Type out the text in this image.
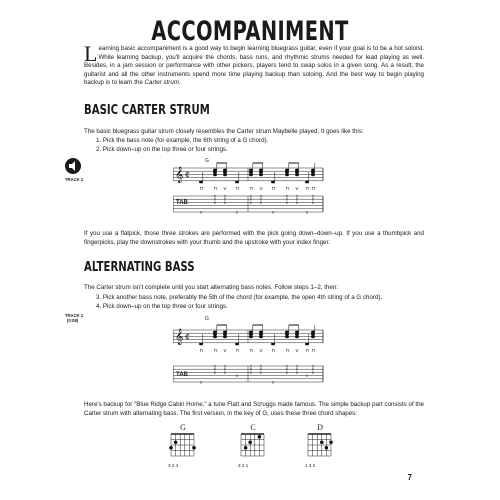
ACCOMPANIMENT
Learning basic accompaniment is a good way to begin learning bluegrass guitar, even if your goal is to be a hot soloist. While learning backup, you'll acquire the chords, bass runs, and rhythmic strums needed for lead playing as well. Besides, in a jam session or performance with other pickers, players tend to swap solos in a given song. As a result, the guitarist and all the other instruments spend more time playing backup than soloing. And the best way to begin playing backup is to learn the Carter strum.
BASIC CARTER STRUM
The basic bluegrass guitar strum closely resembles the Carter strum Maybelle played. It goes like this:
1. Pick the bass note (for example, the 6th string of a G chord).
2. Pick down–up on the top three or four strings.
TRACK 1	𝄞 ¢
⊓
3
⊓
0
0
0
V
0
0
0
⊓
3
⊓
0
0
0
V
0
0
0
⊓
3
⊓
0
0
0
V
0
0
0
⊓
3
⊓
0
0
0
G
TAB
If you use a flatpick, those three strokes are performed with the pick going down–down–up. If you use a thumbpick and fingerpicks, play the downstrokes with your thumb and the upstroke with your index finger.
ALTERNATING BASS
The Carter strum isn't complete until you start alternating bass notes. Follow steps 1–2, then:
3. Pick another bass note, preferably the 5th of the chord (for example, the open 4th string of a G chord).
4. Pick down–up on the top three or four strings.
TRACK 1
(0:08)
𝄞 ¢
⊓
3
⊓
0
0
0
V
0
0
0
⊓
0
⊓
0
0
0
V
0
0
0
⊓
3
⊓
0
0
0
V
0
0
0
⊓
0
⊓
0
0
0
G
TAB
Here's backup for "Blue Ridge Cabin Home," a tune Flatt and Scruggs made famous. The simple backup part consists of the Carter strum with alternating bass. The first version, in the key of G, uses these three chord shapes:
G
3 2 4
C
3 2 1
D
1 3 2
7
